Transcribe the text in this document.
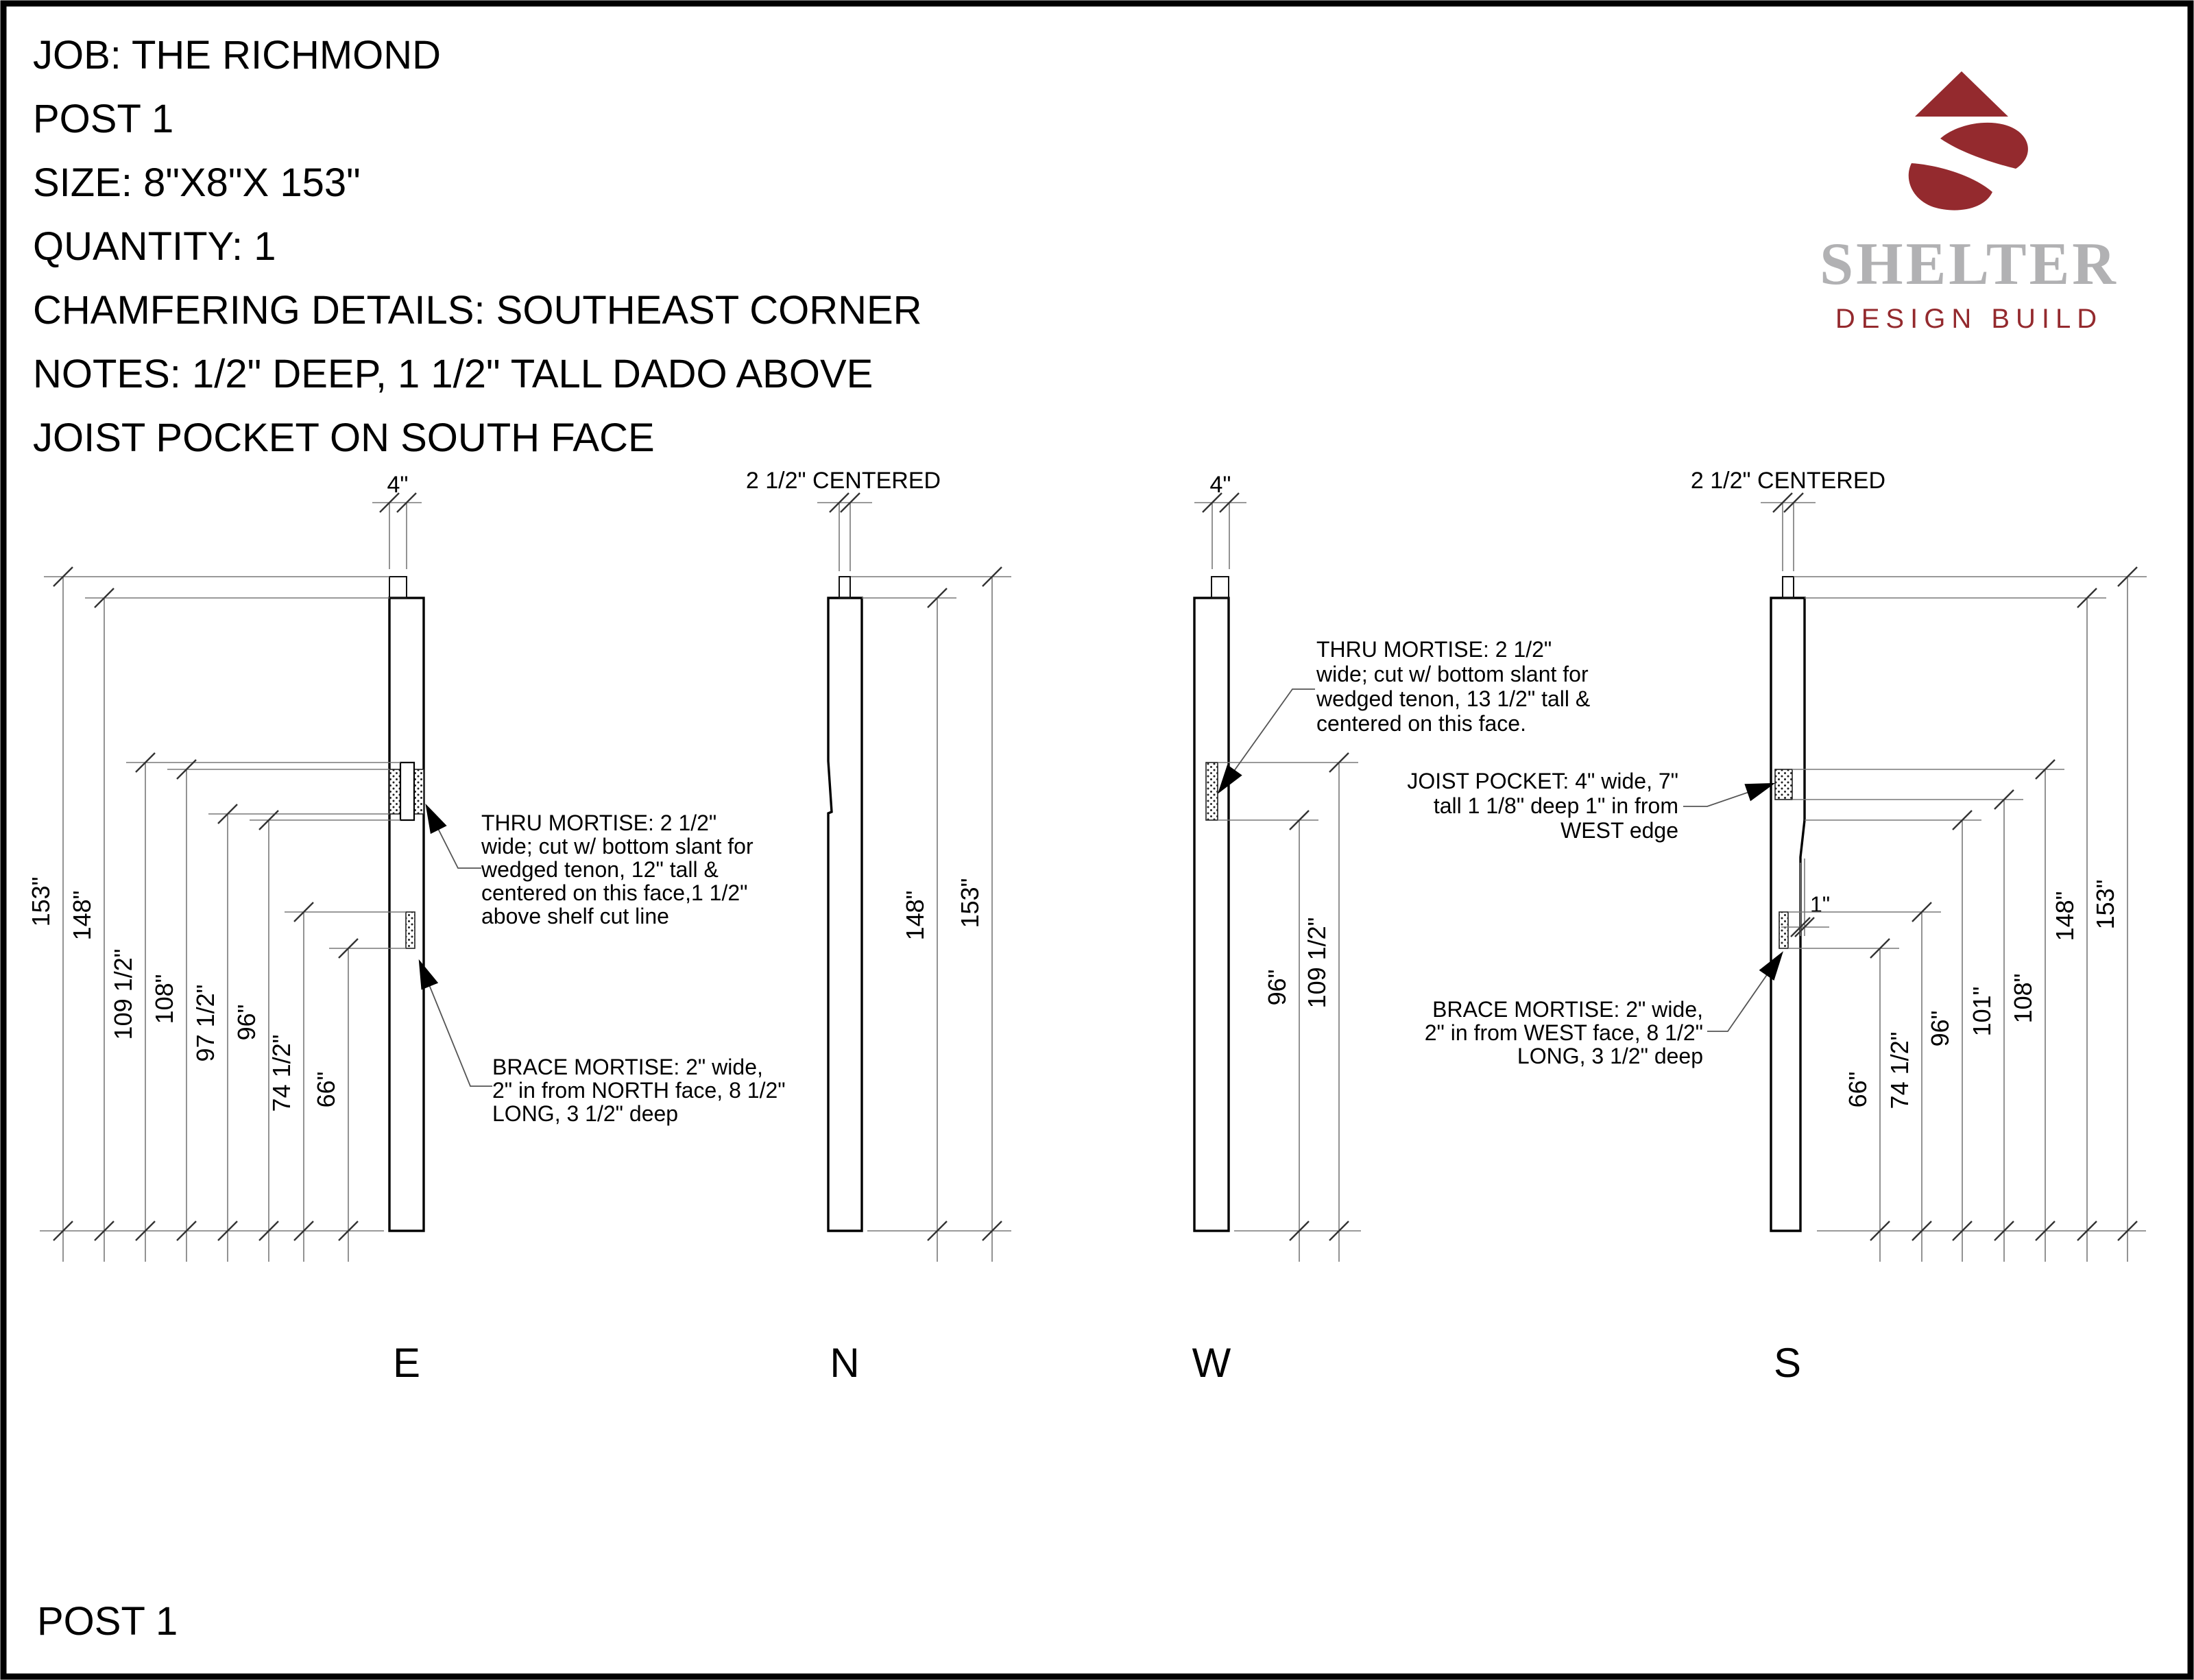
JOB: THE RICHMOND
POST 1
SIZE: 8"X8"X 153"
QUANTITY: 1
CHAMFERING DETAILS: SOUTHEAST CORNER
NOTES: 1/2" DEEP, 1 1/2" TALL DADO ABOVE
JOIST POCKET ON SOUTH FACE
SHELTER
DESIGN BUILD
4"
153" 148"
109 1/2" 108" 97 1/2" 96"
74 1/2" 66"
THRU MORTISE: 2 1/2"
wide; cut w/ bottom slant for
wedged tenon, 12" tall &
centered on this face,1 1/2"
above shelf cut line
BRACE MORTISE: 2" wide,
2" in from NORTH face, 8 1/2"
LONG, 3 1/2" deep
E
2 1/2" CENTERED
148" 153"
N
4"
96" 109 1/2"
THRU MORTISE: 2 1/2"
wide; cut w/ bottom slant for
wedged tenon, 13 1/2" tall &
centered on this face.
W
2 1/2" CENTERED
1"
66" 74 1/2"
96" 101" 108"
148" 153"
JOIST POCKET: 4" wide, 7"
tall 1 1/8" deep 1" in from
WEST edge
BRACE MORTISE: 2" wide,
2" in from WEST face, 8 1/2"
LONG, 3 1/2" deep
S
POST 1
